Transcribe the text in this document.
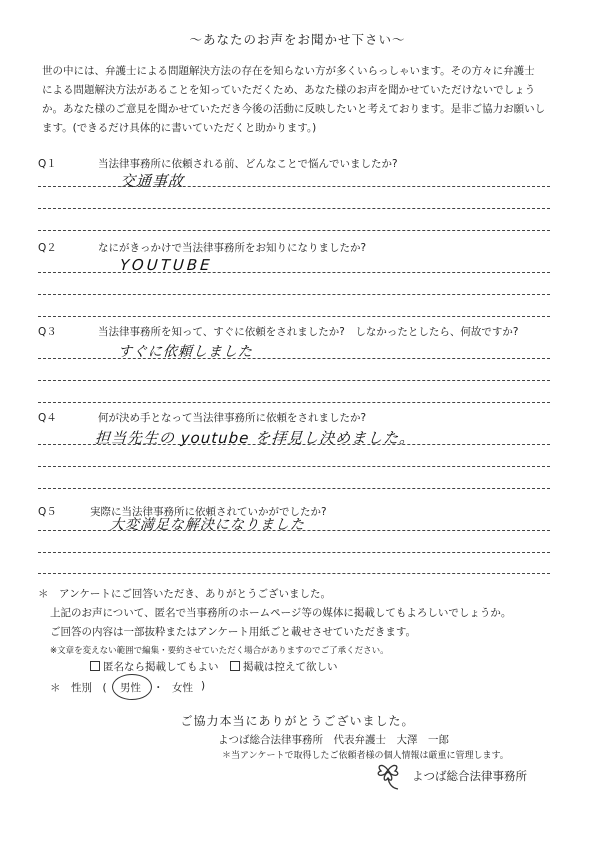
～あなたのお声をお聞かせ下さい～
世の中には、弁護士による問題解決方法の存在を知らない方が多くいらっしゃいます。その方々に弁護士
による問題解決方法があることを知っていただくため、あなた様のお声を聞かせていただけないでしょう
か。あなた様のご意見を聞かせていただき今後の活動に反映したいと考えております。是非ご協力お願いし
ます。(できるだけ具体的に書いていただくと助かります。)
Q１	当法律事務所に依頼される前、どんなことで悩んでいましたか?
交通事故
Q２	なにがきっかけで当法律事務所をお知りになりましたか?
YOUTUBE
Q３	当法律事務所を知って、すぐに依頼をされましたか?　しなかったとしたら、何故ですか?
すぐに依頼しました
Q４	何が決め手となって当法律事務所に依頼をされましたか?
担当先生の youtube を拝見し決めました。
Q５	実際に当法律事務所に依頼されていかがでしたか?
大変満足な解決になりました
＊　アンケートにご回答いただき、ありがとうございました。
上記のお声について、匿名で当事務所のホームページ等の媒体に掲載してもよろしいでしょうか。
ご回答の内容は一部抜粋またはアンケート用紙ごと載せさせていただきます。
※文章を変えない範囲で編集・要約させていただく場合がありますのでご了承ください。
匿名なら掲載してもよい	掲載は控えて欲しい
＊　性別　( 男性 ・ 女性 )
ご協力本当にありがとうございました。
よつば総合法律事務所　代表弁護士　大澤　一郎
＊当アンケートで取得したご依頼者様の個人情報は厳重に管理します。
よつば総合法律事務所
